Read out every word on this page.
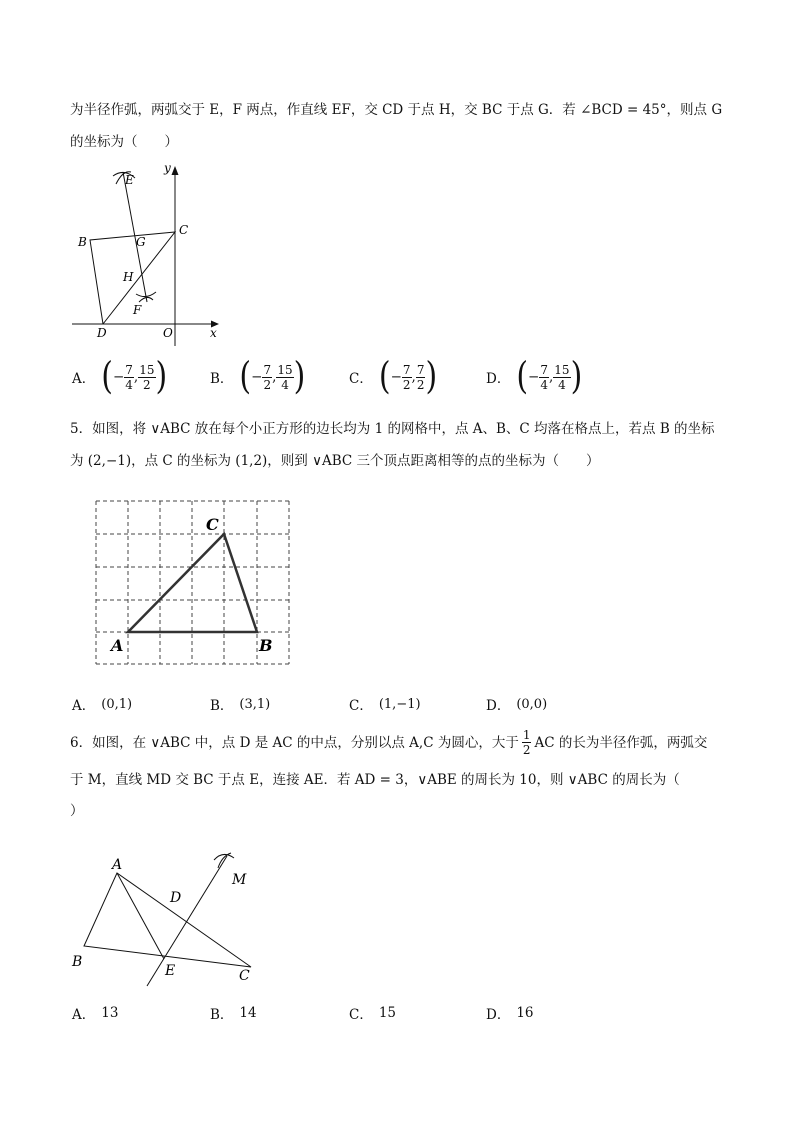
为半径作弧，两弧交于 E，F 两点，作直线 EF，交 CD 于点 H，交 BC 于点 G．若 ∠BCD = 45°，则点 G
的坐标为（　　）
y
x
E
C
B	G
H
F
D	O
A． ( − $\frac{7}{4}$ , $\frac{15}{2}$ )	B． ( − $\frac{7}{2}$ , $\frac{15}{4}$ )	C． ( − $\frac{7}{2}$ , $\frac{7}{2}$ )	D． ( − $\frac{7}{4}$ , $\frac{15}{4}$ )
5．如图，将 ∨ABC 放在每个小正方形的边长均为 1 的网格中，点 A、B、C 均落在格点上，若点 B 的坐标
为 (2,−1)，点 C 的坐标为 (1,2)，则到 ∨ABC 三个顶点距离相等的点的坐标为（　　）
A	B
C
A． (0,1)	B． (3,1)	C． (1,−1)	D． (0,0)
6．如图，在 ∨ABC 中，点 D 是 AC 的中点，分别以点 A,C 为圆心，大于 $\frac{1}{2}$ AC 的长为半径作弧，两弧交
于 M，直线 MD 交 BC 于点 E，连接 AE．若 AD = 3，∨ABE 的周长为 10，则 ∨ABC 的周长为（
）
A
M
D
B
E	C
A． 13	B． 14	C． 15	D． 16
